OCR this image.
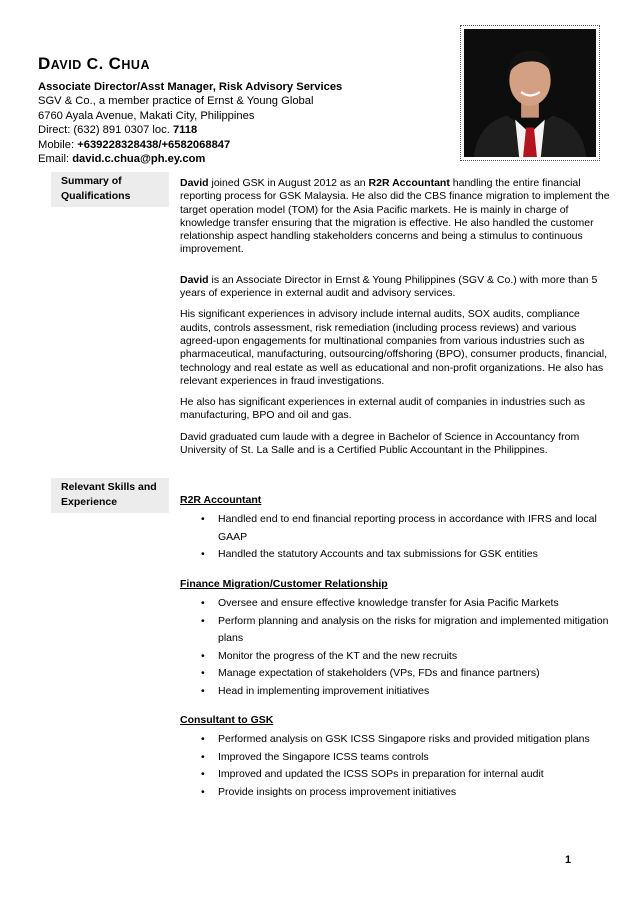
DAVID C. CHUA
Associate Director/Asst Manager, Risk Advisory Services
SGV & Co., a member practice of Ernst & Young Global
6760 Ayala Avenue, Makati City, Philippines
Direct: (632) 891 0307 loc. 7118
Mobile: +639228328438/+6582068847
Email: david.c.chua@ph.ey.com
Summary of Qualifications

David joined GSK in August 2012 as an R2R Accountant handling the entire financial reporting process for GSK Malaysia. He also did the CBS finance migration to implement the target operation model (TOM) for the Asia Pacific markets. He is mainly in charge of knowledge transfer ensuring that the migration is effective. He also handled the customer relationship aspect handling stakeholders concerns and being a stimulus to continuous improvement.

David is an Associate Director in Ernst & Young Philippines (SGV & Co.) with more than 5 years of experience in external audit and advisory services.

His significant experiences in advisory include internal audits, SOX audits, compliance audits, controls assessment, risk remediation (including process reviews) and various agreed-upon engagements for multinational companies from various industries such as pharmaceutical, manufacturing, outsourcing/offshoring (BPO), consumer products, financial, technology and real estate as well as educational and non-profit organizations. He also has relevant experiences in fraud investigations.

He also has significant experiences in external audit of companies in industries such as manufacturing, BPO and oil and gas.

David graduated cum laude with a degree in Bachelor of Science in Accountancy from University of St. La Salle and is a Certified Public Accountant in the Philippines.

Relevant Skills and Experience	R2R Accountant
• Handled end to end financial reporting process in accordance with IFRS and local GAAP
• Handled the statutory Accounts and tax submissions for GSK entities
Finance Migration/Customer Relationship
• Oversee and ensure effective knowledge transfer for Asia Pacific Markets
• Perform planning and analysis on the risks for migration and implemented mitigation plans
• Monitor the progress of the KT and the new recruits
• Manage expectation of stakeholders (VPs, FDs and finance partners)
• Head in implementing improvement initiatives
Consultant to GSK
• Performed analysis on GSK ICSS Singapore risks and provided mitigation plans
• Improved the Singapore ICSS teams controls
• Improved and updated the ICSS SOPs in preparation for internal audit
• Provide insights on process improvement initiatives
1
